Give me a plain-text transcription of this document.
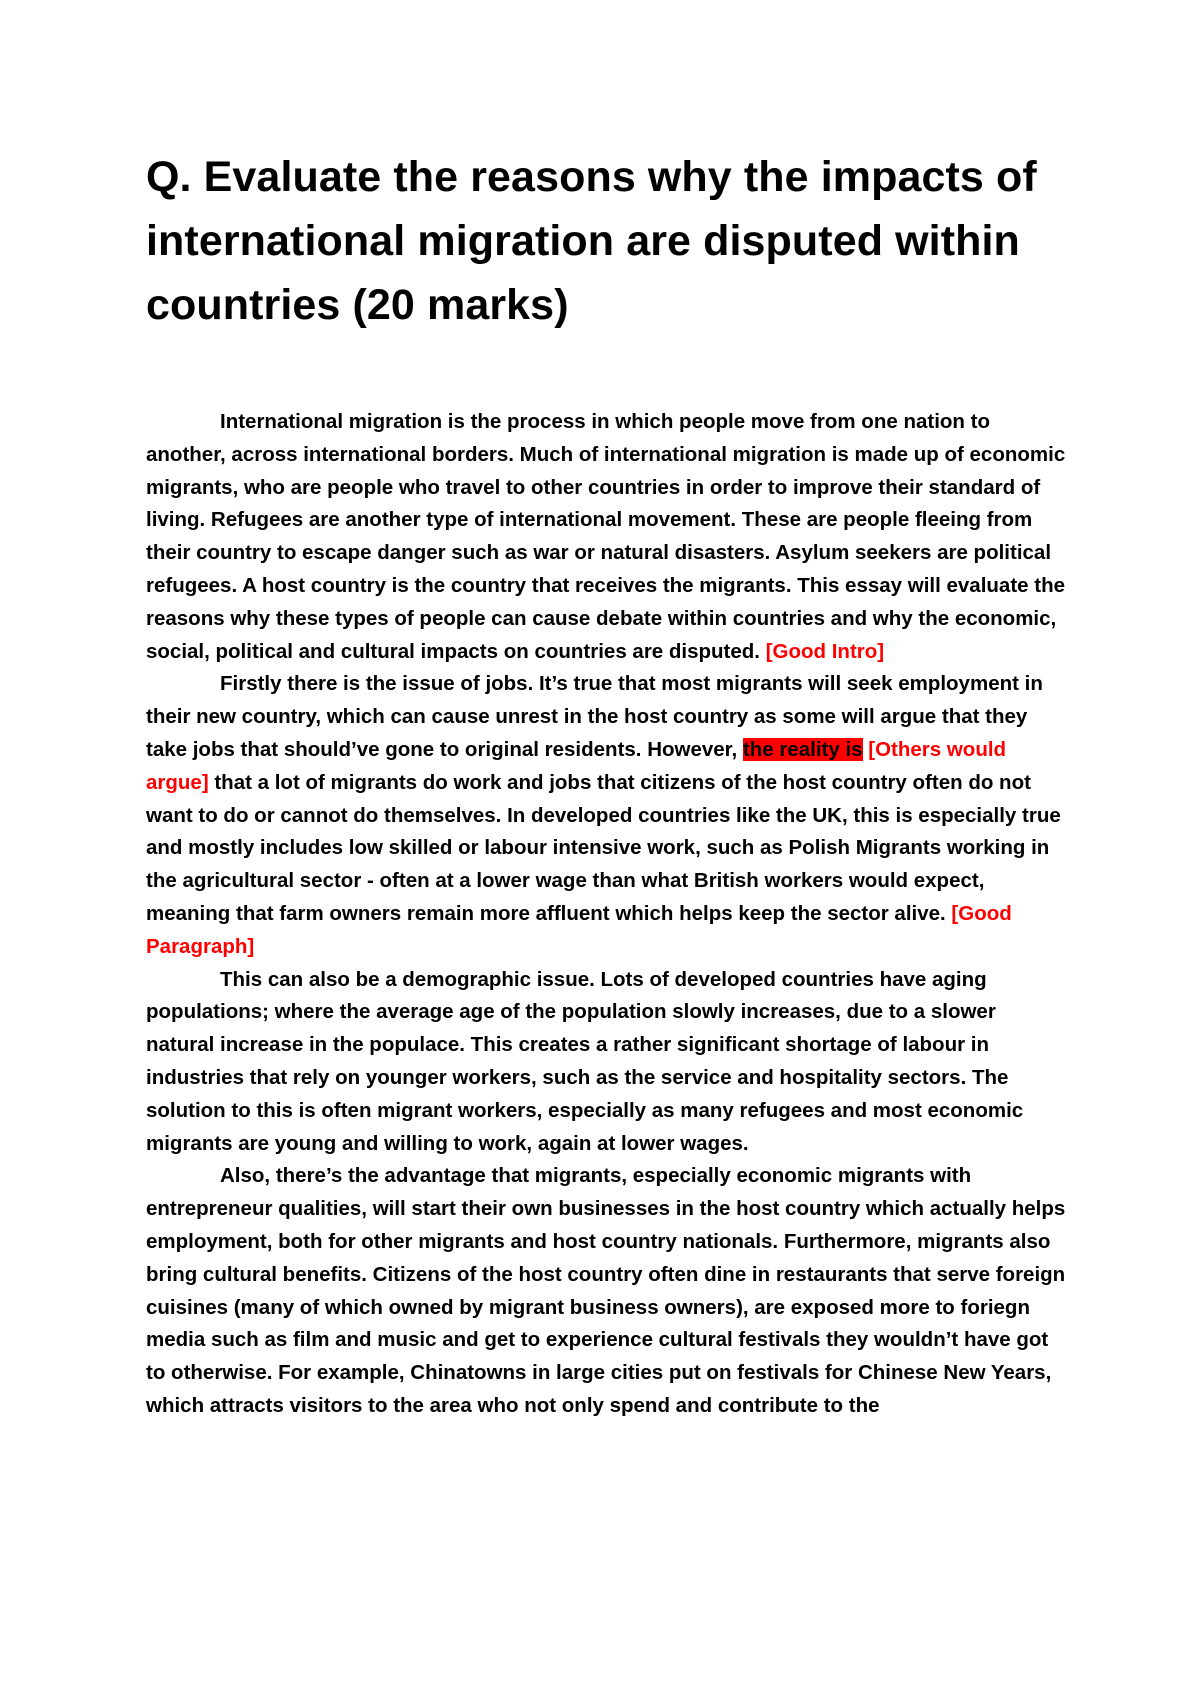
Q. Evaluate the reasons why the impacts of international migration are disputed within countries (20 marks)

International migration is the process in which people move from one nation to another, across international borders. Much of international migration is made up of economic migrants, who are people who travel to other countries in order to improve their standard of living. Refugees are another type of international movement. These are people fleeing from their country to escape danger such as war or natural disasters. Asylum seekers are political refugees. A host country is the country that receives the migrants. This essay will evaluate the reasons why these types of people can cause debate within countries and why the economic, social, political and cultural impacts on countries are disputed. [Good Intro]

Firstly there is the issue of jobs. It’s true that most migrants will seek employment in their new country, which can cause unrest in the host country as some will argue that they take jobs that should’ve gone to original residents. However, the reality is [Others would argue] that a lot of migrants do work and jobs that citizens of the host country often do not want to do or cannot do themselves. In developed countries like the UK, this is especially true and mostly includes low skilled or labour intensive work, such as Polish Migrants working in the agricultural sector - often at a lower wage than what British workers would expect, meaning that farm owners remain more affluent which helps keep the sector alive. [Good Paragraph]

This can also be a demographic issue. Lots of developed countries have aging populations; where the average age of the population slowly increases, due to a slower natural increase in the populace. This creates a rather significant shortage of labour in industries that rely on younger workers, such as the service and hospitality sectors. The solution to this is often migrant workers, especially as many refugees and most economic migrants are young and willing to work, again at lower wages.

Also, there’s the advantage that migrants, especially economic migrants with entrepreneur qualities, will start their own businesses in the host country which actually helps employment, both for other migrants and host country nationals. Furthermore, migrants also bring cultural benefits. Citizens of the host country often dine in restaurants that serve foreign cuisines (many of which owned by migrant business owners), are exposed more to foriegn media such as film and music and get to experience cultural festivals they wouldn’t have got to otherwise. For example, Chinatowns in large cities put on festivals for Chinese New Years, which attracts visitors to the area who not only spend and contribute to the
